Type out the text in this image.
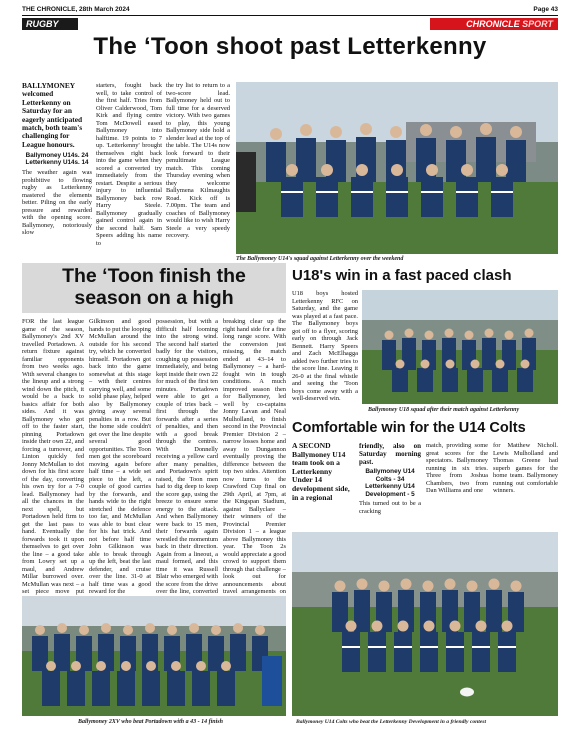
THE CHRONICLE, 28th March 2024	Page 43
RUGBY	CHRONICLE SPORT
The ‘Toon shoot past Letterkenny
BALLYMONEY welcomed Letterkenny on Saturday for an eagerly anticipated match, both team's challenging for League honours.
Ballymoney U14s. 24
Letterkenny U14s. 14

The weather again was prohibitive to flowing rugby as Letterkenny mastered the elements better. Piling on the early pressure and rewarded with the opening score. Ballymoney, notoriously slow

starters, fought back well, to take control of the first half. Tries from Oliver Calderwood, Tom Kirk and flying centre Tom McDowell eased Ballymoney into halftime. 19 points to 7 up. 'Letterkenny' brought themselves right back into the game when they scored a converted try immediately from the restart. Despite a serious injury to influential Ballymoney back row Harry Steele. Ballymoney gradually gained control again in the second half. Sam Speers adding his name to

the try list to return to a two-score lead. Ballymoney held out to full time for a deserved victory. With two games to play, this young Ballymoney side hold a slender lead at the top of the table. The U14s now look forward to their penultimate League match. This coming Thursday evening when they welcome Ballymena Kilmaughts Road. Kick off is 7.00pm. The team and coaches of Ballymoney would like to wish Harry Steele a very speedy recovery.

The Ballymoney U14's squad against Letterkenny over the weekend
The ‘Toon finish the season on a high

FOR the last league game of the season, Ballymoney's 2nd XV travelled Portadown. A return fixture against familiar opponents from two weeks ago. With several changes to the lineup and a strong wind down the pitch, it would be a back to basics affair for both sides. And it was Ballymoney who got off to the faster start, pinning Portadown inside their own 22, and forcing a turnover, and Linton quickly fed Jonny McMullan to dot down for his first score of the day, converting his own try for a 7-0 lead. Ballymoney had all the chances in the next spell, but Portadown held firm to get the last pass to hand. Eventually the forwards took it upon themselves to get over the line – a good take from Lowry set up a maul, and Andrew Millar burrowed over. McMullan was next – a set piece move put

Gilkinson and good hands to put the looping McMullan around the outside for his second try, which he converted himself. Portadown got back into the game somewhat at this stage – with their centres carrying well, and some solid phase play, helped also by Ballymoney giving away several penalties in a row. But the home side couldn't get over the line despite several good opportunities. The Toon men got the scoreboard moving again before half time – a wide set piece to the left, a couple of good carries by the forwards, and hands wide to the right stretched the defence too far, and McMullan was able to bust clear for his hat trick. And not before half time John Gilkinson was able to break through up the left, beat the last defender, and cruise over the line. 31-0 at half time was a good reward for the

possession, but with a difficult half looming into the strong wind. The second half started badly for the visitors, coughing up possession immediately, and being kept inside their own 22 for much of the first ten minutes. Portadown were able to get a couple of tries back – first through the forwards after a series of penalties, and then with a good break through the centres. With Donnelly receiving a yellow card after many penalties, and Portadown's spirit raised, the Toon men had to dig deep to keep the score gap, using the breeze to ensure some energy to the attack. And when Ballymoney were back to 15 men, their forwards again wrestled the momentum back in their direction. Again from a lineout, a maul formed, and this time it was Russell Blair who emerged with the score from the drive over the line, converted

breaking clear up the right hand side for a fine long range score. With the conversion just missing, the match ended at 43–14 to Ballymoney – a hard-fought win in tough conditions. A much improved season then for Ballymoney, led well by co-captains Jonny Lavan and Neal Mulholland, to finish second in the Provincial Premier Division 2 – narrow losses home and away to Dungannon eventually proving the difference between the top two sides. Attention now turns to the Crawford Cup final on 29th April, at 7pm, at the Kingspan Stadium, against Ballyclare – their winners of the Provincial Premier Division 1 – a league above Ballymoney this year. The Toon 2s would appreciate a good crowd to support them through that challenge – look out for announcements about travel arrangements on

Ballymoney 2XV who beat Portadown with a 43 - 14 finish
U18's win in a fast paced clash

U18 boys hosted Letterkenny RFC on Saturday, and the game was played at a fast pace. The Ballymoney boys got off to a flyer, scoring early on through Jack Bennett. Harry Speers and Zach McElhagga added two further tries to the score line. Leaving it 26-0 at the final whistle and seeing the 'Toon boys come away with a well-deserved win.

Ballymoney U18 squad after their match against Letterkenny
Comfortable win for the U14 Colts

A SECOND Ballymoney U14 team took on a Letterkenny Under 14 development side, in a regional

friendly, also on Saturday morning past.

Ballymoney U14 Colts - 34

Letterkenny U14 Development - 5

This turned out to be a cracking

match, providing some great scores for the spectators. Ballymoney running in six tries. Three from Joshua Chambers, two from Dan Williams and one

for Matthew Nicholl. Lewis Mulholland and Thomas Greene had superb games for the home team. Ballymoney running out comfortable winners.

Ballymoney U14 Colts who beat the Letterkenny Development in a friendly contest
